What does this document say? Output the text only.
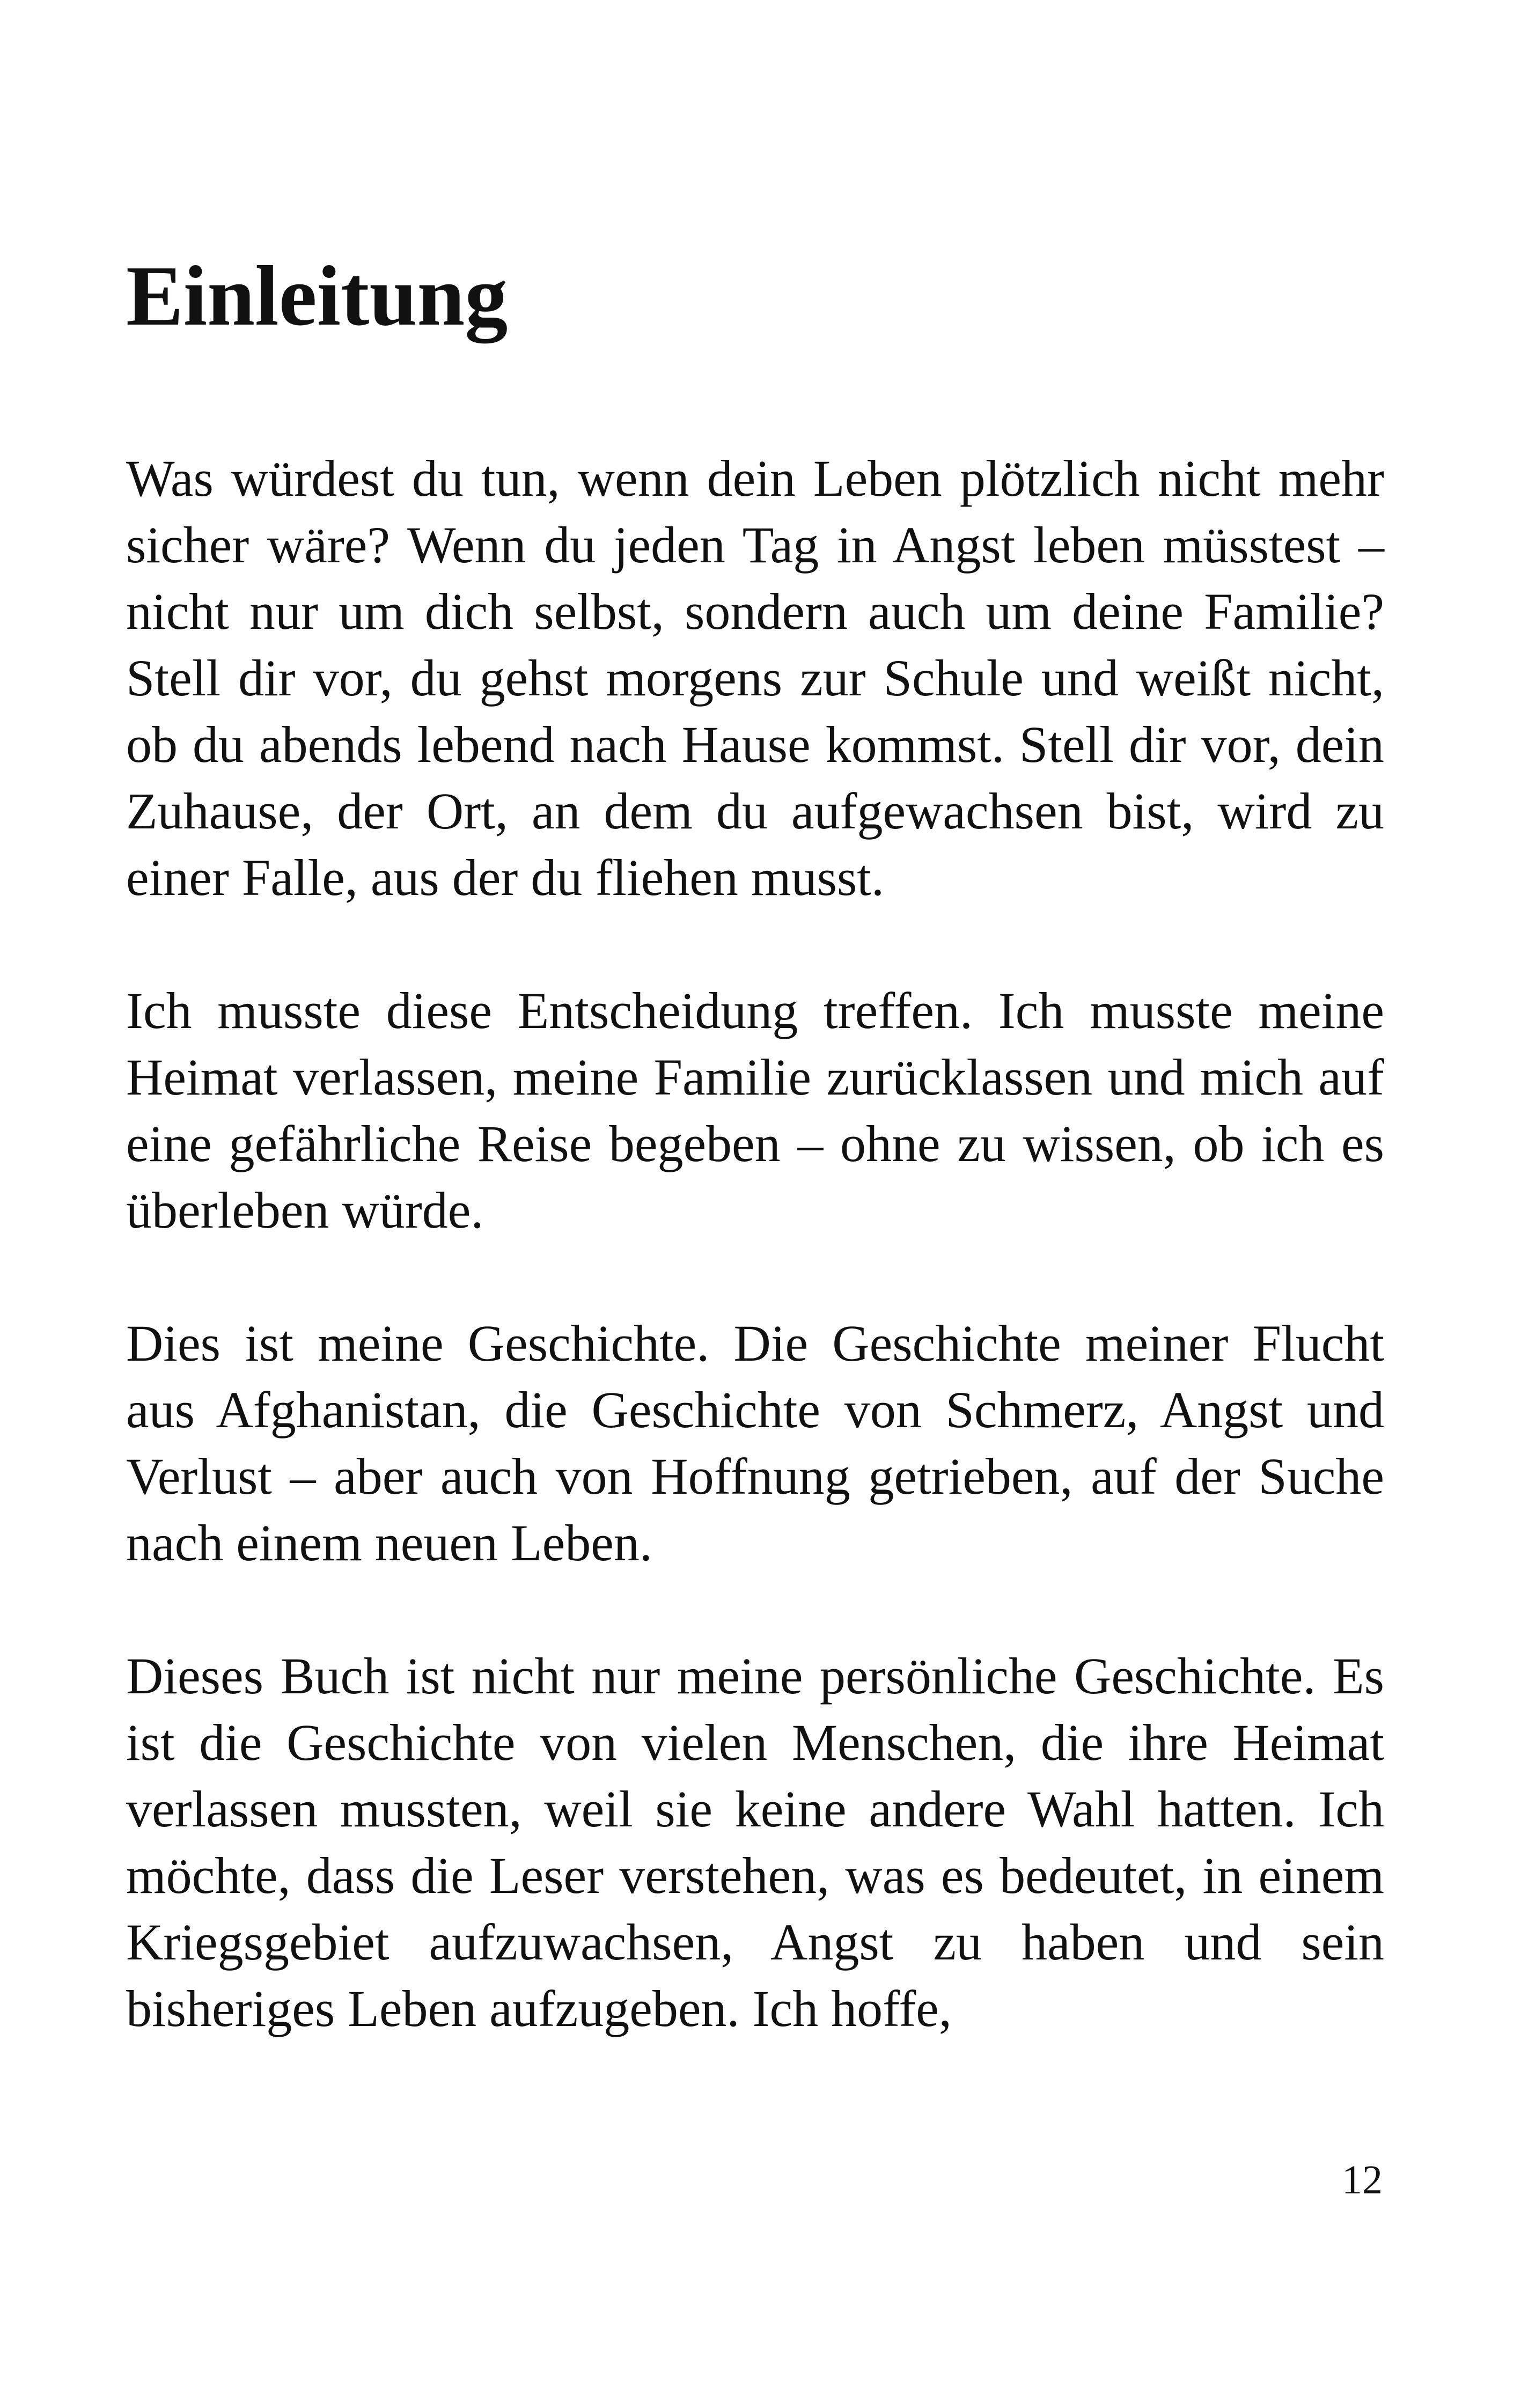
Einleitung

Was würdest du tun, wenn dein Leben plötzlich nicht mehr sicher wäre? Wenn du jeden Tag in Angst leben müsstest – nicht nur um dich selbst, sondern auch um deine Familie? Stell dir vor, du gehst morgens zur Schule und weißt nicht, ob du abends lebend nach Hause kommst. Stell dir vor, dein Zuhause, der Ort, an dem du aufgewachsen bist, wird zu einer Falle, aus der du fliehen musst.

Ich musste diese Entscheidung treffen. Ich musste meine Heimat verlassen, meine Familie zurücklassen und mich auf eine gefährliche Reise begeben – ohne zu wissen, ob ich es überleben würde.

Dies ist meine Geschichte. Die Geschichte meiner Flucht aus Afghanistan, die Geschichte von Schmerz, Angst und Verlust – aber auch von Hoffnung getrieben, auf der Suche nach einem neuen Leben.

Dieses Buch ist nicht nur meine persönliche Geschichte. Es ist die Geschichte von vielen Menschen, die ihre Heimat verlassen mussten, weil sie keine andere Wahl hatten. Ich möchte, dass die Leser verstehen, was es bedeutet, in einem Kriegsgebiet aufzuwachsen, Angst zu haben und sein bisheriges Leben aufzugeben. Ich hoffe,

12
